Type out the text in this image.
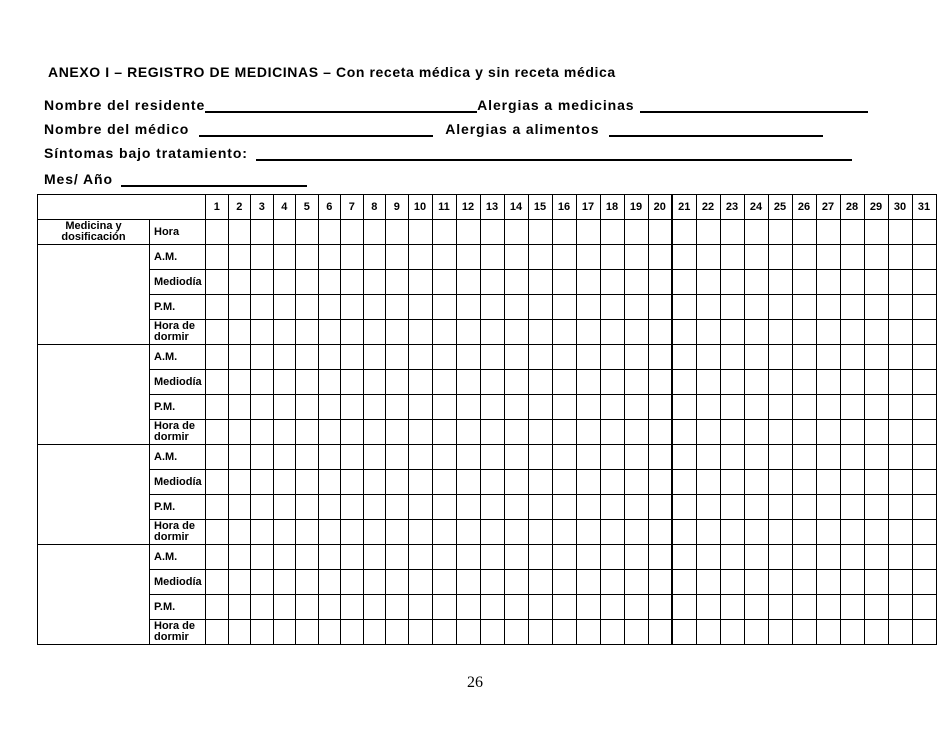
ANEXO I – REGISTRO DE MEDICINAS – Con receta médica y sin receta médica
Nombre del residente	Alergias a medicinas
Nombre del médico	Alergias a alimentos
Síntomas bajo tratamiento:
Mes/ Año
		1	2	3	4	5	6	7	8	9	10	11	12	13	14	15	16	17	18	19	20	21	22	23	24	25	26	27	28	29	30	31
Medicina y dosificación	Hora																															
	A.M.																															
	Mediodía																															
	P.M.																															
	Hora de dormir																															
	A.M.																															
	Mediodía																															
	P.M.																															
	Hora de dormir																															
	A.M.																															
	Mediodía																															
	P.M.																															
	Hora de dormir																															
	A.M.																															
	Mediodía																															
	P.M.																															
	Hora de dormir																															
26
